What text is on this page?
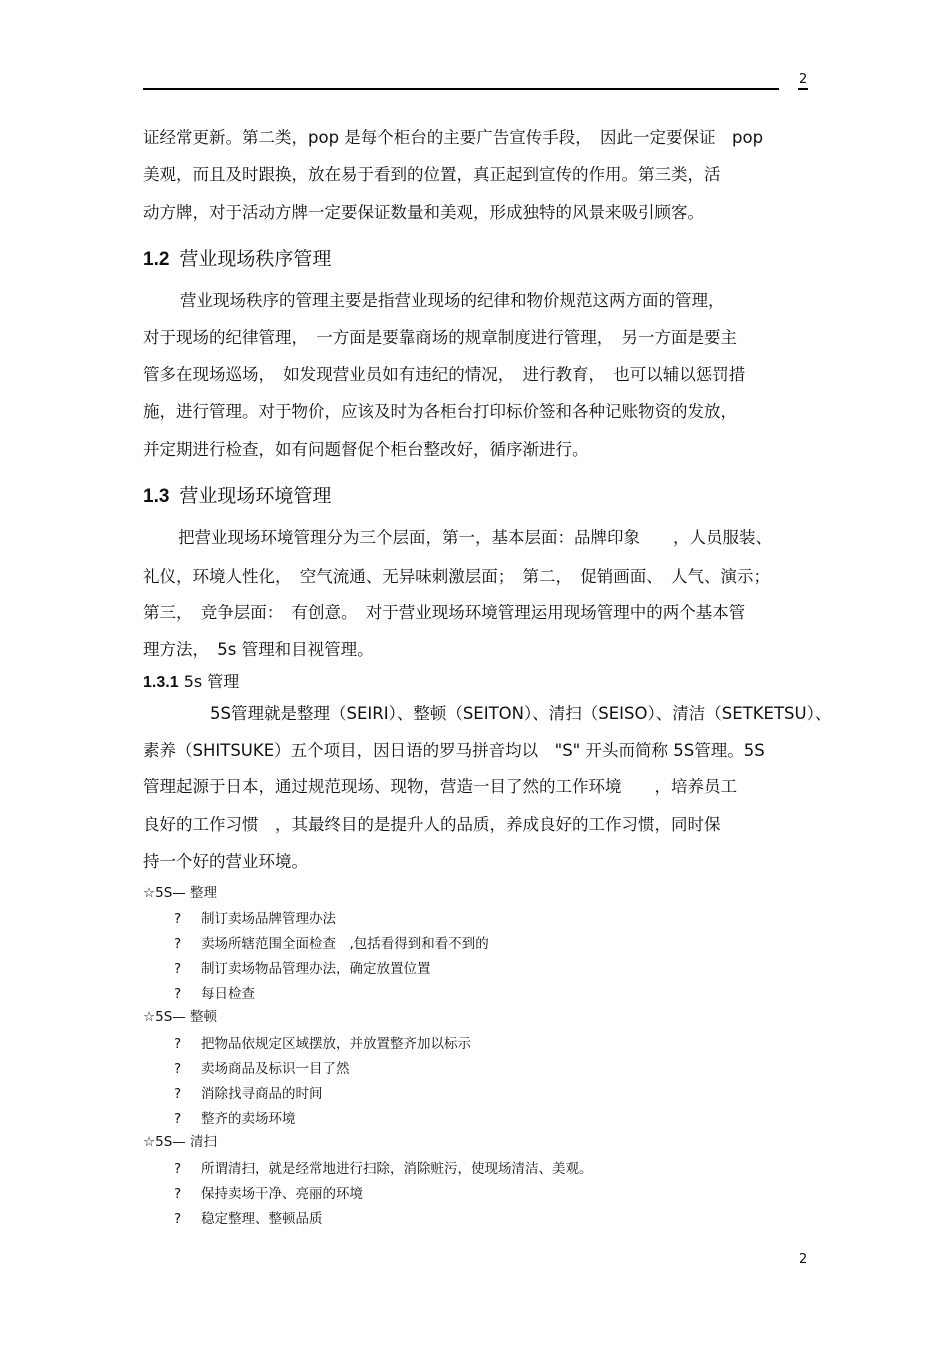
2
证经常更新。第二类，pop 是每个柜台的主要广告宣传手段，　因此一定要保证　pop
美观，而且及时跟换，放在易于看到的位置，真正起到宣传的作用。第三类，活
动方牌，对于活动方牌一定要保证数量和美观，形成独特的风景来吸引顾客。
1.2 营业现场秩序管理
营业现场秩序的管理主要是指营业现场的纪律和物价规范这两方面的管理，
对于现场的纪律管理，　一方面是要靠商场的规章制度进行管理，　另一方面是要主
管多在现场巡场，　如发现营业员如有违纪的情况，　进行教育，　也可以辅以惩罚措
施，进行管理。对于物价，应该及时为各柜台打印标价签和各种记账物资的发放，
并定期进行检查，如有问题督促个柜台整改好，循序渐进行。
1.3 营业现场环境管理
把营业现场环境管理分为三个层面，第一，基本层面：品牌印象　　，人员服装、
礼仪，环境人性化，　空气流通、无异味刺激层面；　第二，　促销画面、　人气、演示；
第三，　竞争层面：　有创意。　对于营业现场环境管理运用现场管理中的两个基本管
理方法，　5s 管理和目视管理。
1.3.1 5s 管理
5S管理就是整理（SEIRI）、整顿（SEITON）、清扫（SEISO）、清洁（SETKETSU）、
素养（SHITSUKE）五个项目，因日语的罗马拼音均以　"S" 开头而简称 5S管理。5S
管理起源于日本，通过规范现场、现物，营造一目了然的工作环境　　，培养员工
良好的工作习惯　，其最终目的是提升人的品质，养成良好的工作习惯，同时保
持一个好的营业环境。
☆5S— 整理
? 制订卖场品牌管理办法
? 卖场所辖范围全面检查　,包括看得到和看不到的
? 制订卖场物品管理办法，确定放置位置
? 每日检查
☆5S— 整顿
? 把物品依规定区域摆放，并放置整齐加以标示
? 卖场商品及标识一目了然
? 消除找寻商品的时间
? 整齐的卖场环境
☆5S— 清扫
? 所谓清扫，就是经常地进行扫除，消除赃污，使现场清洁、美观。
? 保持卖场干净、亮丽的环境
? 稳定整理、整顿品质
2
